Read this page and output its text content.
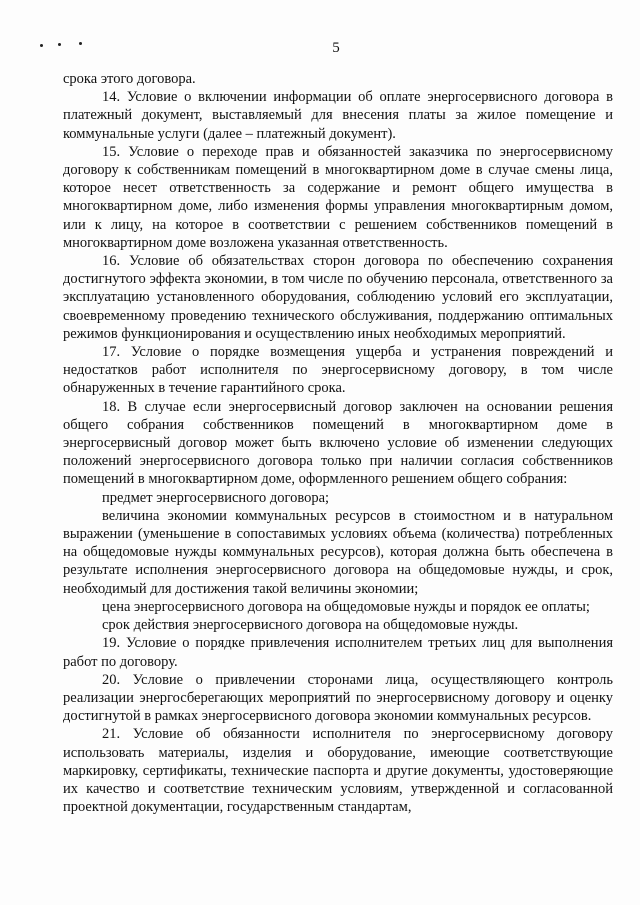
5

срока этого договора.

14. Условие о включении информации об оплате энергосервисного договора в платежный документ, выставляемый для внесения платы за жилое помещение и коммунальные услуги (далее – платежный документ).

15. Условие о переходе прав и обязанностей заказчика по энергосервисному договору к собственникам помещений в многоквартирном доме в случае смены лица, которое несет ответственность за содержание и ремонт общего имущества в многоквартирном доме, либо изменения формы управления многоквартирным домом, или к лицу, на которое в соответствии с решением собственников помещений в многоквартирном доме возложена указанная ответственность.

16. Условие об обязательствах сторон договора по обеспечению сохранения достигнутого эффекта экономии, в том числе по обучению персонала, ответственного за эксплуатацию установленного оборудования, соблюдению условий его эксплуатации, своевременному проведению технического обслуживания, поддержанию оптимальных режимов функционирования и осуществлению иных необходимых мероприятий.

17. Условие о порядке возмещения ущерба и устранения повреждений и недостатков работ исполнителя по энергосервисному договору, в том числе обнаруженных в течение гарантийного срока.

18. В случае если энергосервисный договор заключен на основании решения общего собрания собственников помещений в многоквартирном доме в энергосервисный договор может быть включено условие об изменении следующих положений энергосервисного договора только при наличии согласия собственников помещений в многоквартирном доме, оформленного решением общего собрания:

предмет энергосервисного договора;

величина экономии коммунальных ресурсов в стоимостном и в натуральном выражении (уменьшение в сопоставимых условиях объема (количества) потребленных на общедомовые нужды коммунальных ресурсов), которая должна быть обеспечена в результате исполнения энергосервисного договора на общедомовые нужды, и срок, необходимый для достижения такой величины экономии;

цена энергосервисного договора на общедомовые нужды и порядок ее оплаты;

срок действия энергосервисного договора на общедомовые нужды.

19. Условие о порядке привлечения исполнителем третьих лиц для выполнения работ по договору.

20. Условие о привлечении сторонами лица, осуществляющего контроль реализации энергосберегающих мероприятий по энергосервисному договору и оценку достигнутой в рамках энергосервисного договора экономии коммунальных ресурсов.

21. Условие об обязанности исполнителя по энергосервисному договору использовать материалы, изделия и оборудование, имеющие соответствующие маркировку, сертификаты, технические паспорта и другие документы, удостоверяющие их качество и соответствие техническим условиям, утвержденной и согласованной проектной документации, государственным стандартам,
